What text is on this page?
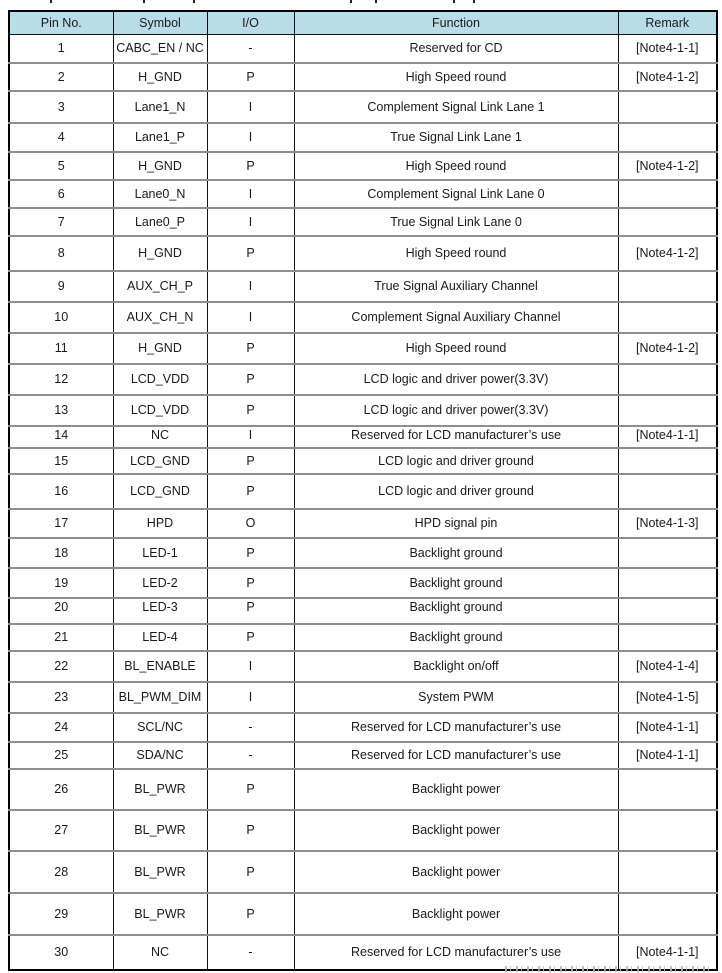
Pin No.	Symbol	I/O	Function	Remark
1	CABC_EN / NC	-	Reserved for CD	[Note4-1-1]
2	H_GND	P	High Speed round	[Note4-1-2]
3	Lane1_N	I	Complement Signal Link Lane 1	
4	Lane1_P	I	True Signal Link Lane 1	
5	H_GND	P	High Speed round	[Note4-1-2]
6	Lane0_N	I	Complement Signal Link Lane 0	
7	Lane0_P	I	True Signal Link Lane 0	
8	H_GND	P	High Speed round	[Note4-1-2]
9	AUX_CH_P	I	True Signal Auxiliary Channel	
10	AUX_CH_N	I	Complement Signal Auxiliary Channel	
11	H_GND	P	High Speed round	[Note4-1-2]
12	LCD_VDD	P	LCD logic and driver power(3.3V)	
13	LCD_VDD	P	LCD logic and driver power(3.3V)	
14	NC	I	Reserved for LCD manufacturer’s use	[Note4-1-1]
15	LCD_GND	P	LCD logic and driver ground	
16	LCD_GND	P	LCD logic and driver ground	
17	HPD	O	HPD signal pin	[Note4-1-3]
18	LED-1	P	Backlight ground	
19	LED-2	P	Backlight ground	
20	LED-3	P	Backlight ground	
21	LED-4	P	Backlight ground	
22	BL_ENABLE	I	Backlight on/off	[Note4-1-4]
23	BL_PWM_DIM	I	System PWM	[Note4-1-5]
24	SCL/NC	-	Reserved for LCD manufacturer’s use	[Note4-1-1]
25	SDA/NC	-	Reserved for LCD manufacturer’s use	[Note4-1-1]
26	BL_PWR	P	Backlight power	
27	BL_PWR	P	Backlight power	
28	BL_PWR	P	Backlight power	
29	BL_PWR	P	Backlight power	
30	NC	-	Reserved for LCD manufacturer’s use	[Note4-1-1]
